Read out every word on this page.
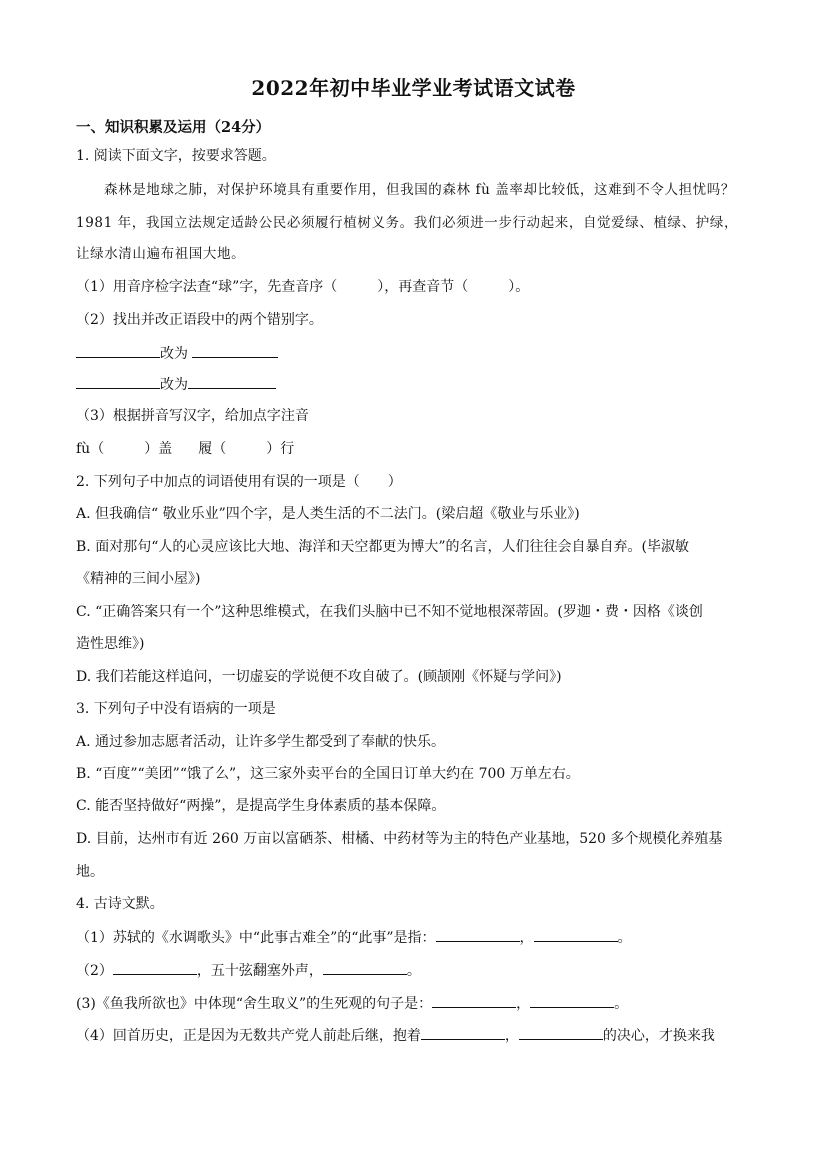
2022年初中毕业学业考试语文试卷
一、知识积累及运用（24分）
1. 阅读下面文字，按要求答题。
森林是地球之肺，对保护环境具有重要作用，但我国的森林 fù 盖率却比较低，这难到不令人担忧吗？
1981 年，我国立法规定适龄公民必须履行植树义务。我们必须进一步行动起来，自觉爱绿、植绿、护绿，
让绿水清山遍布祖国大地。
（1）用音序检字法查“球”字，先查音序（	），再查音节（	）。
（2）找出并改正语段中的两个错别字。
改为
改为
（3）根据拼音写汉字，给加点字注音
fù（	）盖 履（	）行
2. 下列句子中加点的词语使用有误的一项是（　　）
A. 但我确信“ 敬业乐业”四个字，是人类生活的不二法门。(梁启超《敬业与乐业》)
B. 面对那句“人的心灵应该比大地、海洋和天空都更为博大”的名言，人们往往会自暴自弃。(毕淑敏
《精神的三间小屋》)
C. “正确答案只有一个”这种思维模式，在我们头脑中已不知不觉地根深蒂固。(罗迦・费・因格《谈创
造性思维》)
D. 我们若能这样追问，一切虚妄的学说便不攻自破了。(顾颉刚《怀疑与学问》)
3. 下列句子中没有语病的一项是
A. 通过参加志愿者活动，让许多学生都受到了奉献的快乐。
B. “百度”“美团”“饿了么”，这三家外卖平台的全国日订单大约在 700 万单左右。
C. 能否坚持做好“两操”，是提高学生身体素质的基本保障。
D. 目前，达州市有近 260 万亩以富硒茶、柑橘、中药材等为主的特色产业基地，520 多个规模化养殖基
地。
4. 古诗文默。
（1）苏轼的《水调歌头》中“此事古难全”的“此事”是指：	，	。
（2）	，五十弦翻塞外声，	。
(3)《鱼我所欲也》中体现“舍生取义”的生死观的句子是：	，	。
（4）回首历史，正是因为无数共产党人前赴后继，抱着	，	的决心，才换来我
